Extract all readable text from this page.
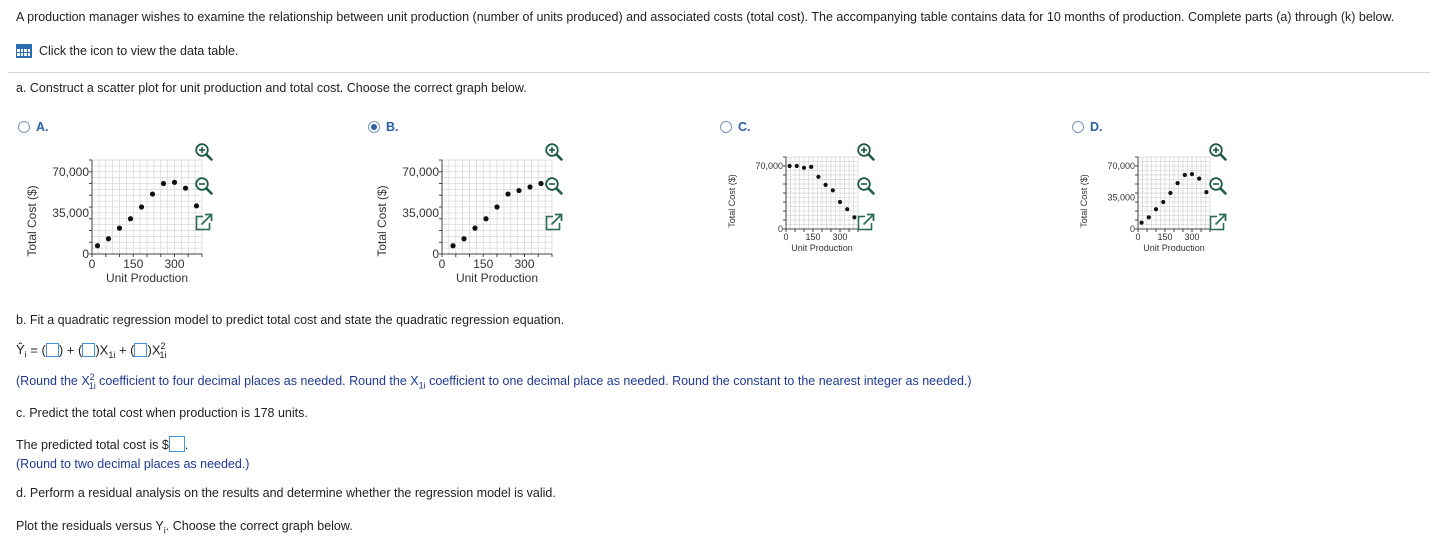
A production manager wishes to examine the relationship between unit production (number of units produced) and associated costs (total cost). The accompanying table contains data for 10 months of production. Complete parts (a) through (k) below.
Click the icon to view the data table.
a. Construct a scatter plot for unit production and total cost. Choose the correct graph below.
A.	B.	C.	D.
0 150 300
0
35,000
70,000
Unit Production
Total Cost ($)
0 150 300
0
35,000
70,000
Unit Production
Total Cost ($)	0 150 300
0
70,000
Unit Production
Total Cost ($)
0 150 300
0
35,000
70,000
Unit Production
Total Cost ($)
b. Fit a quadratic regression model to predict total cost and state the quadratic regression equation.
$Ŷ_i$ = ( ) + ( )$X_{1i}$ + ( )$X^2_{1i}$
(Round the $X^2_{1i}$ coefficient to four decimal places as needed. Round the $X_{1i}$ coefficient to one decimal place as needed. Round the constant to the nearest integer as needed.)
c. Predict the total cost when production is 178 units.
The predicted total cost is $ .
(Round to two decimal places as needed.)
d. Perform a residual analysis on the results and determine whether the regression model is valid.
Plot the residuals versus $Y_i$. Choose the correct graph below.
